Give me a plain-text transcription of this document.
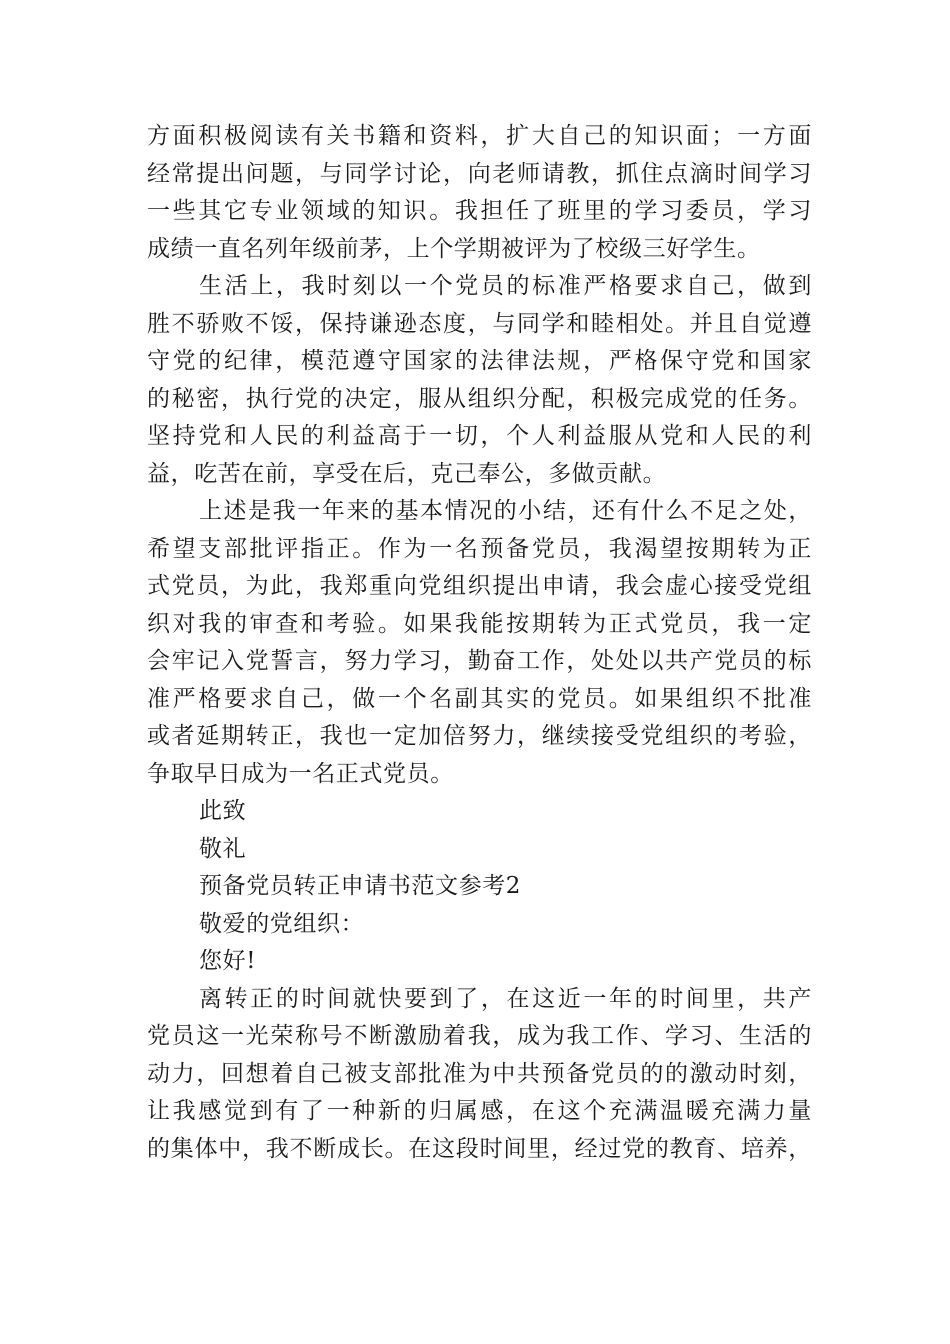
方面积极阅读有关书籍和资料，扩大自己的知识面；一方面
经常提出问题，与同学讨论，向老师请教，抓住点滴时间学习
一些其它专业领域的知识。我担任了班里的学习委员，学习
成绩一直名列年级前茅，上个学期被评为了校级三好学生。
生活上，我时刻以一个党员的标准严格要求自己，做到
胜不骄败不馁，保持谦逊态度，与同学和睦相处。并且自觉遵
守党的纪律，模范遵守国家的法律法规，严格保守党和国家
的秘密，执行党的决定，服从组织分配，积极完成党的任务。
坚持党和人民的利益高于一切，个人利益服从党和人民的利
益，吃苦在前，享受在后，克己奉公，多做贡献。
上述是我一年来的基本情况的小结，还有什么不足之处，
希望支部批评指正。作为一名预备党员，我渴望按期转为正
式党员，为此，我郑重向党组织提出申请，我会虚心接受党组
织对我的审查和考验。如果我能按期转为正式党员，我一定
会牢记入党誓言，努力学习，勤奋工作，处处以共产党员的标
准严格要求自己，做一个名副其实的党员。如果组织不批准
或者延期转正，我也一定加倍努力，继续接受党组织的考验，
争取早日成为一名正式党员。
此致
敬礼
预备党员转正申请书范文参考2
敬爱的党组织：
您好!
离转正的时间就快要到了，在这近一年的时间里，共产
党员这一光荣称号不断激励着我，成为我工作、学习、生活的
动力，回想着自己被支部批准为中共预备党员的的激动时刻，
让我感觉到有了一种新的归属感，在这个充满温暖充满力量
的集体中，我不断成长。在这段时间里，经过党的教育、培养，
